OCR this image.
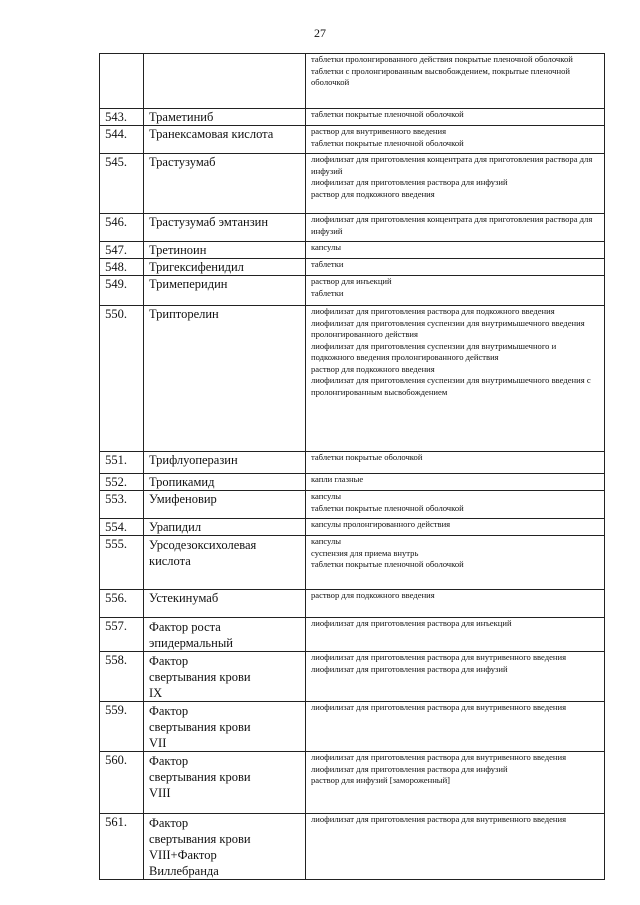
27

		таблетки пролонгированного действия покрытые пленочной оболочкой
таблетки с пролонгированным высвобождением, покрытые пленочной оболочкой

543.	Траметиниб	таблетки покрытые пленочной оболочкой

544.	Транексамовая кислота	раствор для внутривенного введения
таблетки покрытые пленочной оболочкой

545.	Трастузумаб	лиофилизат для приготовления концентрата для приготовления раствора для инфузий
лиофилизат для приготовления раствора для инфузий
раствор для подкожного введения

546.	Трастузумаб эмтанзин	лиофилизат для приготовления концентрата для приготовления раствора для инфузий

547.	Третиноин	капсулы

548.	Тригексифенидил	таблетки

549.	Тримеперидин	раствор для инъекций
таблетки

550.	Трипторелин	лиофилизат для приготовления раствора для подкожного введения
лиофилизат для приготовления суспензии для внутримышечного введения пролонгированного действия
лиофилизат для приготовления суспензии для внутримышечного и подкожного введения пролонгированного действия
раствор для подкожного введения
лиофилизат для приготовления суспензии для внутримышечного введения с пролонгированным высвобождением

551.	Трифлуоперазин	таблетки покрытые оболочкой

552.	Тропикамид	капли глазные

553.	Умифеновир	капсулы
таблетки покрытые пленочной оболочкой

554.	Урапидил	капсулы пролонгированного действия

555.	Урсодезоксихолевая
кислота	капсулы
суспензия для приема внутрь
таблетки покрытые пленочной оболочкой

556.	Устекинумаб	раствор для подкожного введения

557.	Фактор роста
эпидермальный	лиофилизат для приготовления раствора для инъекций

558.	Фактор
свертывания крови
IX	лиофилизат для приготовления раствора для внутривенного введения
лиофилизат для приготовления раствора для инфузий

559.	Фактор
свертывания крови
VII	лиофилизат для приготовления раствора для внутривенного введения

560.	Фактор
свертывания крови
VIII	лиофилизат для приготовления раствора для внутривенного введения
лиофилизат для приготовления раствора для инфузий
раствор для инфузий [замороженный]

561.	Фактор
свертывания крови
VIII+Фактор
Виллебранда	лиофилизат для приготовления раствора для внутривенного введения
